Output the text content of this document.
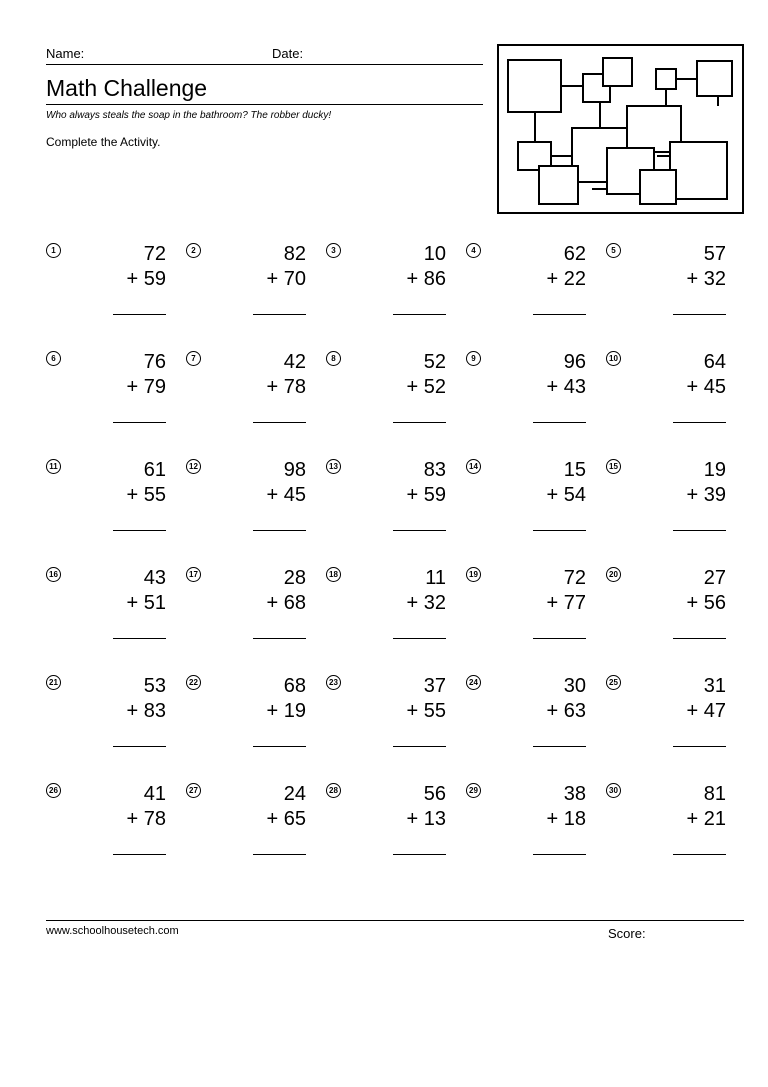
Name:	Date:
Math Challenge
Who always steals the soap in the bathroom? The robber ducky!
Complete the Activity.
1	72
+ 59
2	82
+ 70
3	10
+ 86
4	62
+ 22
5	57
+ 32
6	76
+ 79
7	42
+ 78
8	52
+ 52
9	96
+ 43
10	64
+ 45
11	61
+ 55
12	98
+ 45
13	83
+ 59
14	15
+ 54
15	19
+ 39
16	43
+ 51
17	28
+ 68
18	11
+ 32
19	72
+ 77
20	27
+ 56
21	53
+ 83
22	68
+ 19
23	37
+ 55
24	30
+ 63
25	31
+ 47
26	41
+ 78
27	24
+ 65
28	56
+ 13
29	38
+ 18
30	81
+ 21
www.schoolhousetech.com	Score:
